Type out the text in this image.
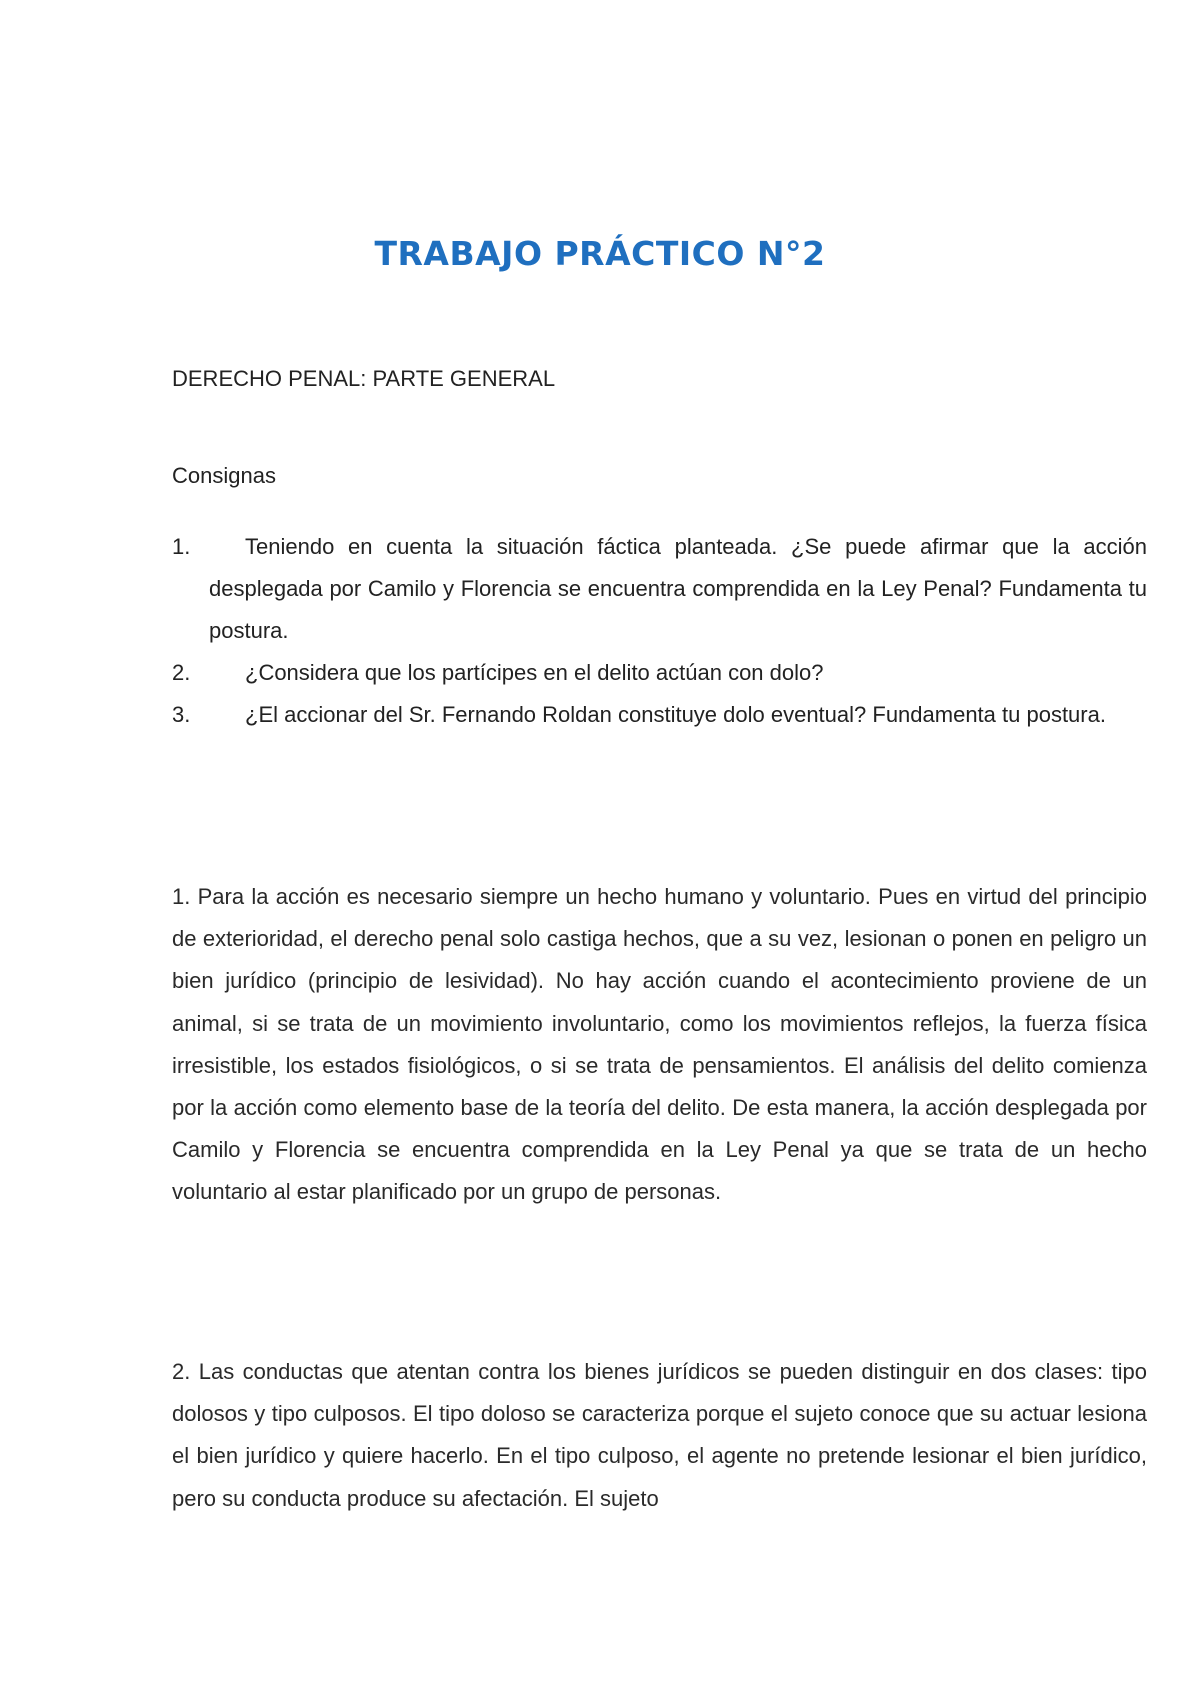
TRABAJO PRÁCTICO N°2

DERECHO PENAL: PARTE GENERAL

Consignas

1.	Teniendo en cuenta la situación fáctica planteada. ¿Se puede afirmar que la acción desplegada por Camilo y Florencia se encuentra comprendida en la Ley Penal? Fundamenta tu postura.
2.	¿Considera que los partícipes en el delito actúan con dolo?
3.	¿El accionar del Sr. Fernando Roldan constituye dolo eventual? Fundamenta tu postura.

1. Para la acción es necesario siempre un hecho humano y voluntario. Pues en virtud del principio de exterioridad, el derecho penal solo castiga hechos, que a su vez, lesionan o ponen en peligro un bien jurídico (principio de lesividad). No hay acción cuando el acontecimiento proviene de un animal, si se trata de un movimiento involuntario, como los movimientos reflejos, la fuerza física irresistible, los estados fisiológicos, o si se trata de pensamientos. El análisis del delito comienza por la acción como elemento base de la teoría del delito. De esta manera, la acción desplegada por Camilo y Florencia se encuentra comprendida en la Ley Penal ya que se trata de un hecho voluntario al estar planificado por un grupo de personas.

2. Las conductas que atentan contra los bienes jurídicos se pueden distinguir en dos clases: tipo dolosos y tipo culposos. El tipo doloso se caracteriza porque el sujeto conoce que su actuar lesiona el bien jurídico y quiere hacerlo. En el tipo culposo, el agente no pretende lesionar el bien jurídico, pero su conducta produce su afectación. El sujeto
